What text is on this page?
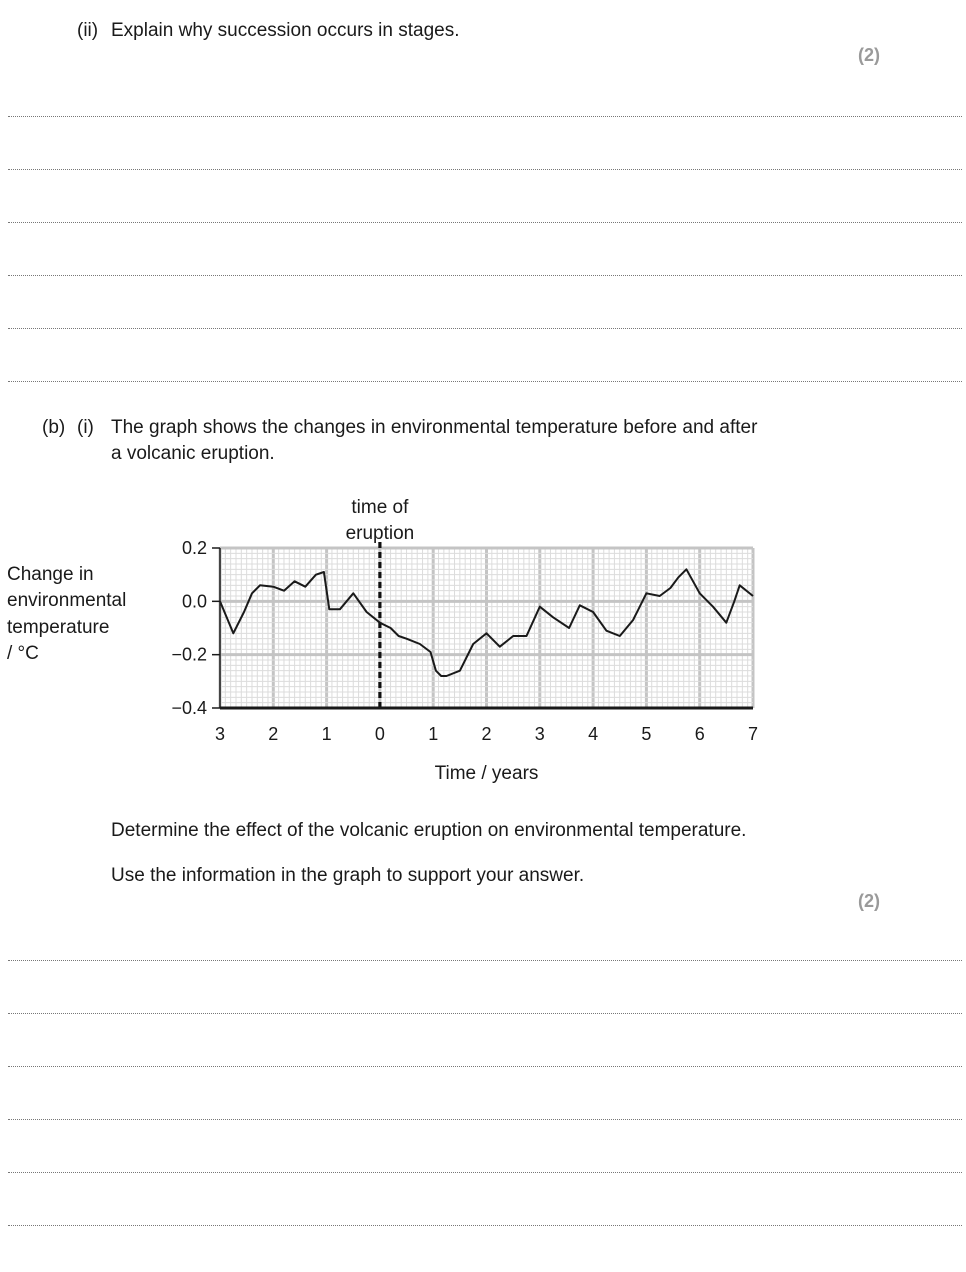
(ii) Explain why succession occurs in stages.
(2)
(b) (i) The graph shows the changes in environmental temperature before and after
a volcanic eruption.
Change in
environmental
temperature
/ °C
0.2
0.0
−0.2
−0.4
3 2 1 0 1 2 3 4 5 6 7
time of
eruption
Time / years
Determine the effect of the volcanic eruption on environmental temperature.
Use the information in the graph to support your answer.
(2)
